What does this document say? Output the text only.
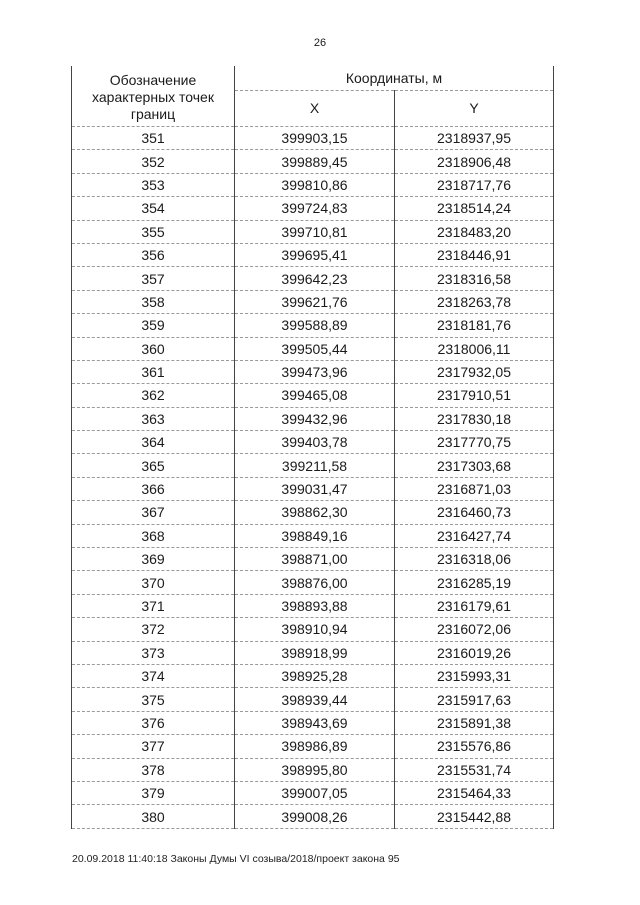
26
Обозначение характерных точек границ	Координаты, м	
	X	Y
351	399903,15	2318937,95
352	399889,45	2318906,48
353	399810,86	2318717,76
354	399724,83	2318514,24
355	399710,81	2318483,20
356	399695,41	2318446,91
357	399642,23	2318316,58
358	399621,76	2318263,78
359	399588,89	2318181,76
360	399505,44	2318006,11
361	399473,96	2317932,05
362	399465,08	2317910,51
363	399432,96	2317830,18
364	399403,78	2317770,75
365	399211,58	2317303,68
366	399031,47	2316871,03
367	398862,30	2316460,73
368	398849,16	2316427,74
369	398871,00	2316318,06
370	398876,00	2316285,19
371	398893,88	2316179,61
372	398910,94	2316072,06
373	398918,99	2316019,26
374	398925,28	2315993,31
375	398939,44	2315917,63
376	398943,69	2315891,38
377	398986,89	2315576,86
378	398995,80	2315531,74
379	399007,05	2315464,33
380	399008,26	2315442,88
20.09.2018 11:40:18 Законы Думы VI созыва/2018/проект закона 95
